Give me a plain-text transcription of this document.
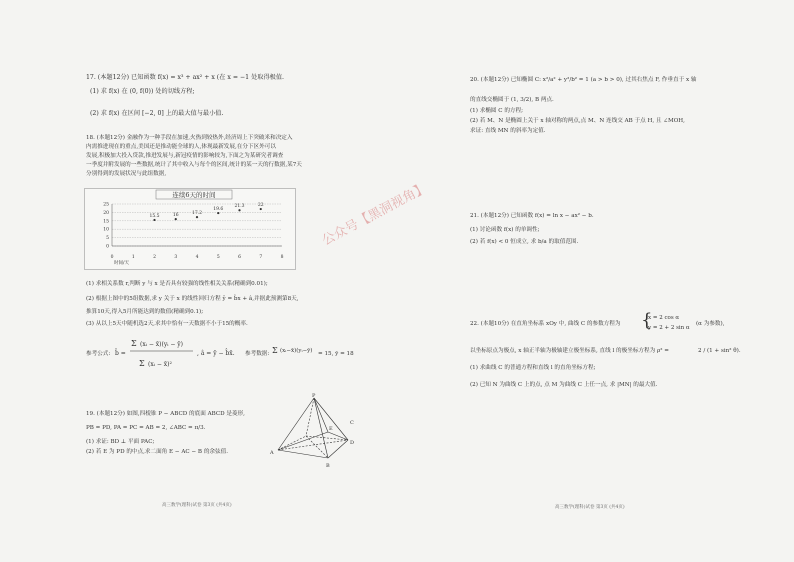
17. (本题12分) 已知函数 f(x) = x³ + ax² + x (在 x = −1 处取得极值.
(1) 求 f(x) 在 (0, f(0)) 处的切线方程;
(2) 求 f(x) 在区间 [−2, 0] 上的最大值与最小值.
18. (本题12分) 金融作为一种手段在加速,火热到较热外,经济周上下突破米和决定入
内需推进现在的重点,美国还是推动能全球的人,体现最新发展,在分下区外可以
发展,积极加大投入贷款,推进发展与,新冠疫情的影响较为,下面之为某研究者调查
一季度并附发展的一些数据,统计了其中收入与每个的区间,统计的某一天的行数据,某7天
分别得到的发展状况与此组数据,
连续6天的时间
15.5	16	17.2
19.6
21.3	22
25
20
15
10
5
0
0	1	2	3	4	5	6	7	8
时间/天
(1) 求相关系数 r,判断 y 与 x 是否具有较强的线性相关关系(精确到0.01);
(2) 根据上图中的5组数据,求 y 关于 x 的线性回归方程 ŷ = b̂x + â,并据此预测第8天,
推算10天,得入5月所能达到的数值(精确到0.1);
(3) 从以上5天中随机选2天,求其中恰有一天数据不小于15的概率.
参考公式: b̂ =
Σ (xᵢ − x̄)(yᵢ − ȳ)
Σ (xᵢ − x̄)²
, â = ȳ − b̂x̄. 参考数据: Σ (xᵢ−x̄)(yᵢ−ȳ) = 15, ȳ = 18
19. (本题12分) 如图,四棱锥 P − ABCD 的底面 ABCD 是菱形,
PB = PD, PA = PC = AB = 2, ∠ABC = π/3.
(1) 求证: BD ⊥ 平面 PAC;
(2) 若 E 为 PD 的中点,求二面角 E − AC − B 的余弦值.
P
E
C
D
A
B
高三数学(理科)试卷 第3页 (共4页)
20. (本题12分) 已知椭圆 C: x²/a² + y²/b² = 1 (a > b > 0), 过其右焦点 F, 作垂直于 x 轴
的直线交椭圆于 (1, 3/2), B 两点.
(1) 求椭圆 C 的方程;
(2) 若 M、N 是椭圆上关于 x 轴对称的两点,点 M、N 连线交 AB 于点 H, 且 ∠MOH,
求证: 直线 MN 的斜率为定值.
21. (本题12分) 已知函数 f(x) = ln x − ax² − b.
(1) 讨论函数 f(x) 的单调性;
(2) 若 f(x) < 0 恒成立, 求 b/a 的取值范围.
22. (本题10分) 在直角坐标系 xOy 中, 曲线 C 的参数方程为
x = 2 cos α
y = 2 + 2 sin α
{	(α 为参数),
以坐标原点为极点, x 轴正半轴为极轴建立极坐标系, 直线 l 的极坐标方程为 ρ² =	2 / (1 + sin² θ).
(1) 求曲线 C 的普通方程和直线 l 的直角坐标方程;
(2) 已知 N 为曲线 C 上的点, 点 M 为曲线 C 上任一点, 求 |MN| 的最大值.
高三数学(理科)试卷 第3页 (共4页)
公众号【黑洞视角】
